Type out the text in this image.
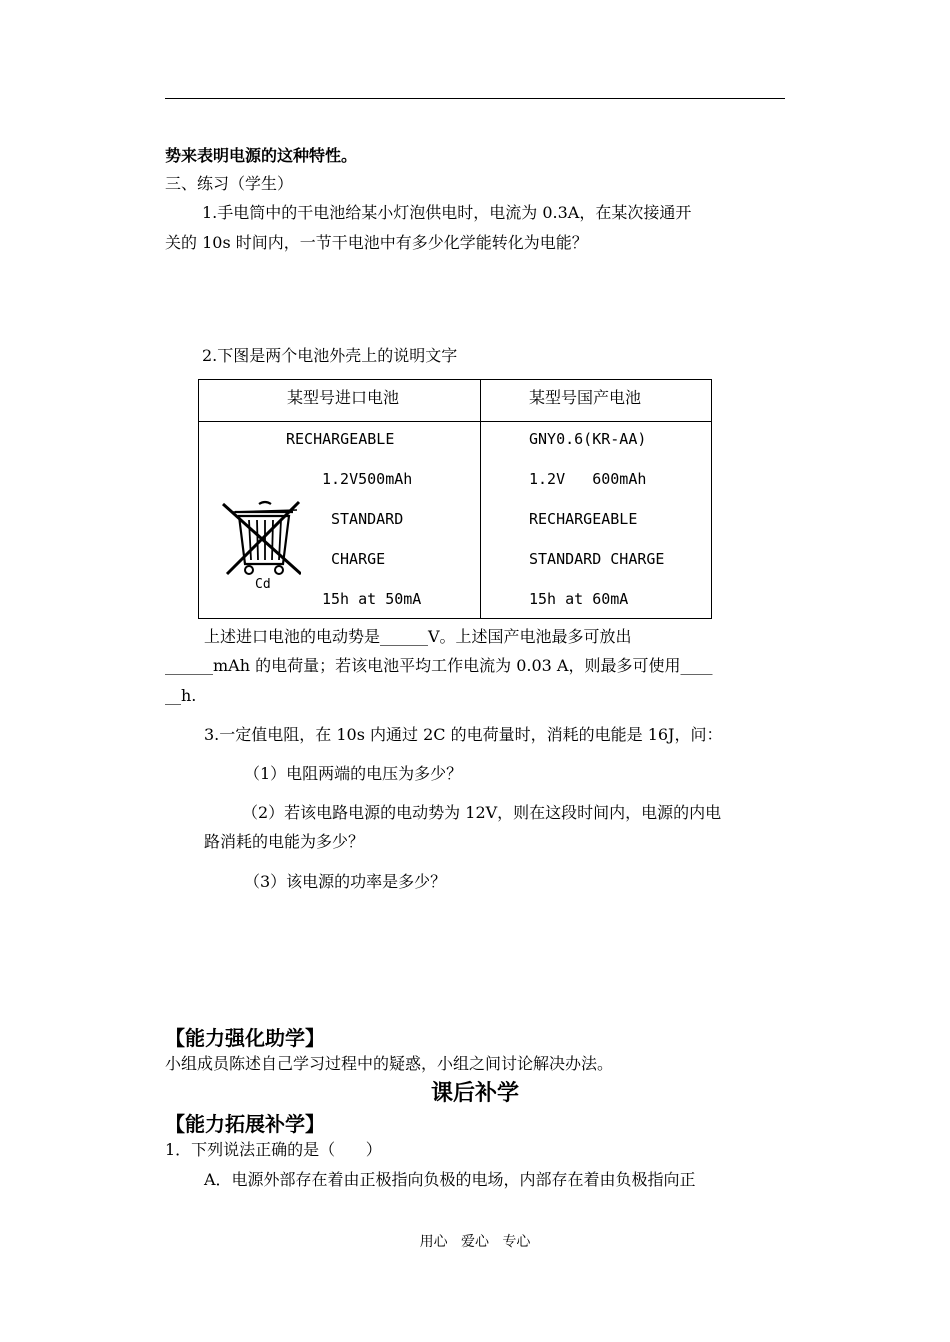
势来表明电源的这种特性。
三、练习（学生）
1.手电筒中的干电池给某小灯泡供电时，电流为 0.3A，在某次接通开
关的 10s 时间内，一节干电池中有多少化学能转化为电能？
2.下图是两个电池外壳上的说明文字
某型号进口电池	某型号国产电池
RECHARGEABLE
1.2V500mAh
STANDARD
CHARGE
15h at 50mA
Cd
GNY0.6(KR-AA)
1.2V   600mAh
RECHARGEABLE
STANDARD CHARGE
15h at 60mA
上述进口电池的电动势是______V。上述国产电池最多可放出
______mAh 的电荷量；若该电池平均工作电流为 0.03 A，则最多可使用____
__h.
3.一定值电阻，在 10s 内通过 2C 的电荷量时，消耗的电能是 16J，问：
（1）电阻两端的电压为多少？
（2）若该电路电源的电动势为 12V，则在这段时间内，电源的内电
路消耗的电能为多少？
（3）该电源的功率是多少？
【能力强化助学】
小组成员陈述自己学习过程中的疑惑，小组之间讨论解决办法。
课后补学
【能力拓展补学】
1．下列说法正确的是（      ）
A．电源外部存在着由正极指向负极的电场，内部存在着由负极指向正
用心   爱心   专心
